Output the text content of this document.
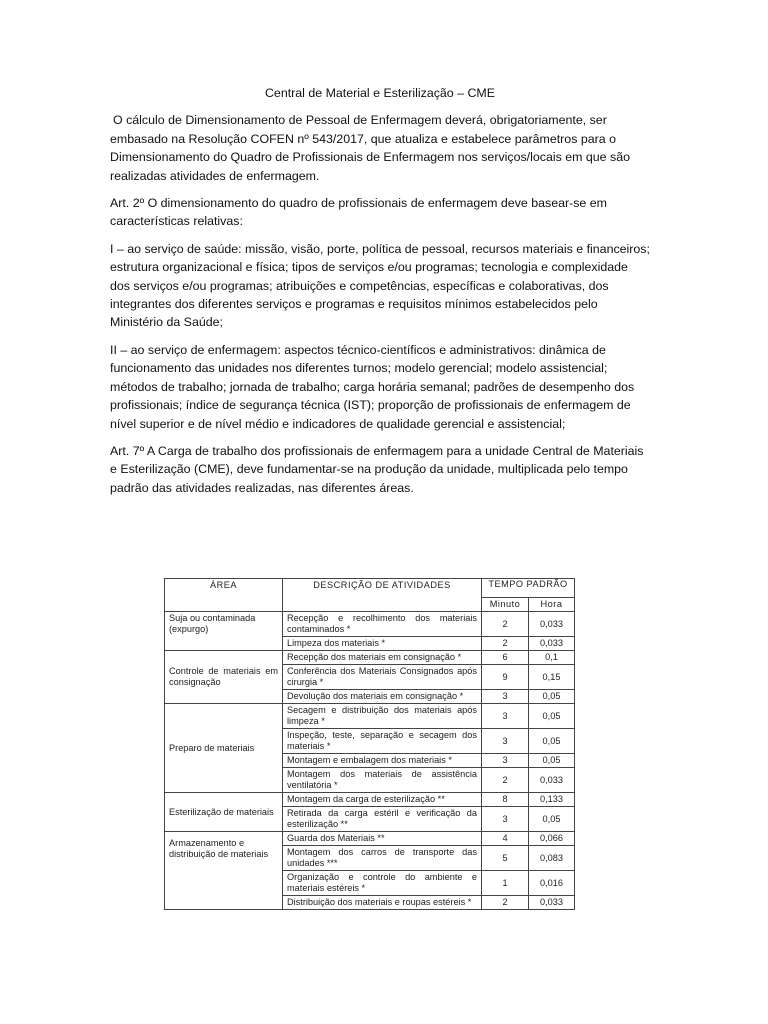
Central de Material e Esterilização – CME

O cálculo de Dimensionamento de Pessoal de Enfermagem deverá, obrigatoriamente, ser embasado na Resolução COFEN nº 543/2017, que atualiza e estabelece parâmetros para o Dimensionamento do Quadro de Profissionais de Enfermagem nos serviços/locais em que são realizadas atividades de enfermagem.

Art. 2º O dimensionamento do quadro de profissionais de enfermagem deve basear-se em características relativas:

I – ao serviço de saúde: missão, visão, porte, política de pessoal, recursos materiais e financeiros; estrutura organizacional e física; tipos de serviços e/ou programas; tecnologia e complexidade dos serviços e/ou programas; atribuições e competências, específicas e colaborativas, dos integrantes dos diferentes serviços e programas e requisitos mínimos estabelecidos pelo Ministério da Saúde;

II – ao serviço de enfermagem: aspectos técnico-científicos e administrativos: dinâmica de funcionamento das unidades nos diferentes turnos; modelo gerencial; modelo assistencial; métodos de trabalho; jornada de trabalho; carga horária semanal; padrões de desempenho dos profissionais; índice de segurança técnica (IST); proporção de profissionais de enfermagem de nível superior e de nível médio e indicadores de qualidade gerencial e assistencial;

Art. 7º A Carga de trabalho dos profissionais de enfermagem para a unidade Central de Materiais e Esterilização (CME), deve fundamentar-se na produção da unidade, multiplicada pelo tempo padrão das atividades realizadas, nas diferentes áreas.

ÁREA	DESCRIÇÃO DE ATIVIDADES	TEMPO PADRÃO	
		Minuto	Hora
Suja ou contaminada (expurgo)	Recepção e recolhimento dos materiais contaminados *	2	0,033
	Limpeza dos materiais *	2	0,033
Controle de materiais em consignação	Recepção dos materiais em consignação *	6	0,1
	Conferência dos Materiais Consignados após cirurgia *	9	0,15
	Devolução dos materiais em consignação *	3	0,05
Preparo de materiais	Secagem e distribuição dos materiais após limpeza *	3	0,05
	Inspeção, teste, separação e secagem dos materiais *	3	0,05
	Montagem e embalagem dos materiais *	3	0,05
	Montagem dos materiais de assistência ventilatória *	2	0,033
Esterilização de materiais	Montagem da carga de esterilização **	8	0,133
	Retirada da carga estéril e verificação da esterilização **	3	0,05
Armazenamento e distribuição de materiais	Guarda dos Materiais **	4	0,066
	Montagem dos carros de transporte das unidades ***	5	0,083
	Organização e controle do ambiente e materiais estéreis *	1	0,016
	Distribuição dos materiais e roupas estéreis *	2	0,033
